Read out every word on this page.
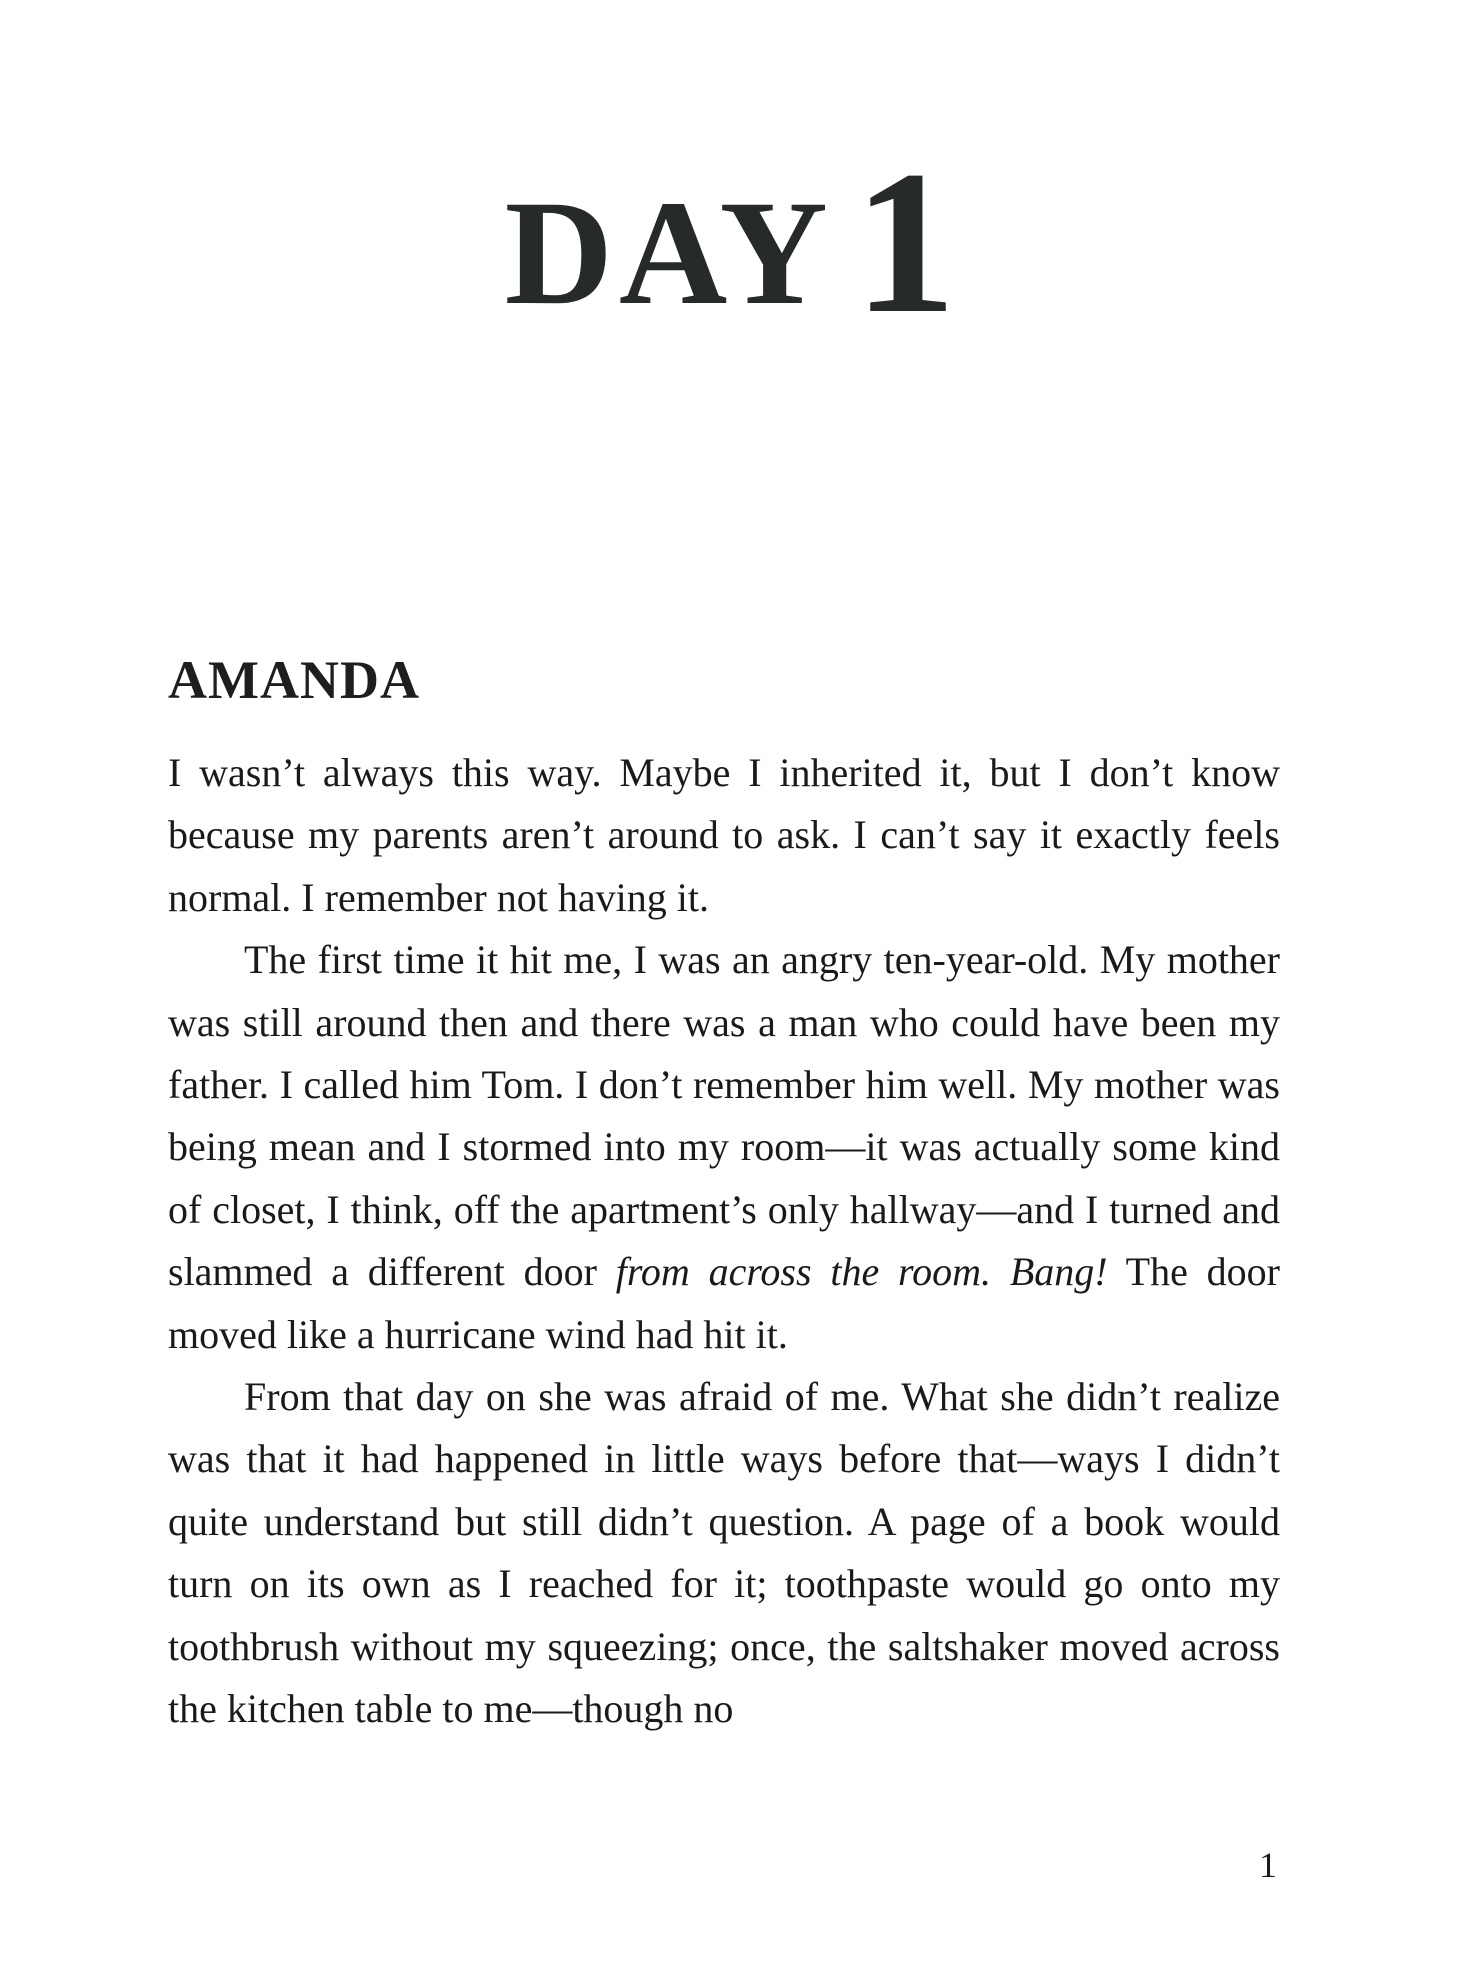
DAY1
AMANDA

I wasn’t always this way. Maybe I inherited it, but I don’t know because my parents aren’t around to ask. I can’t say it exactly feels normal. I remember not having it.

The first time it hit me, I was an angry ten-year-old. My mother was still around then and there was a man who could have been my father. I called him Tom. I don’t remember him well. My mother was being mean and I stormed into my room—it was actually some kind of closet, I think, off the apartment’s only hallway—and I turned and slammed a different door from across the room. Bang! The door moved like a hurricane wind had hit it.

From that day on she was afraid of me. What she didn’t realize was that it had happened in little ways before that—ways I didn’t quite understand but still didn’t question. A page of a book would turn on its own as I reached for it; toothpaste would go onto my toothbrush without my squeezing; once, the saltshaker moved across the kitchen table to me—though no

1
